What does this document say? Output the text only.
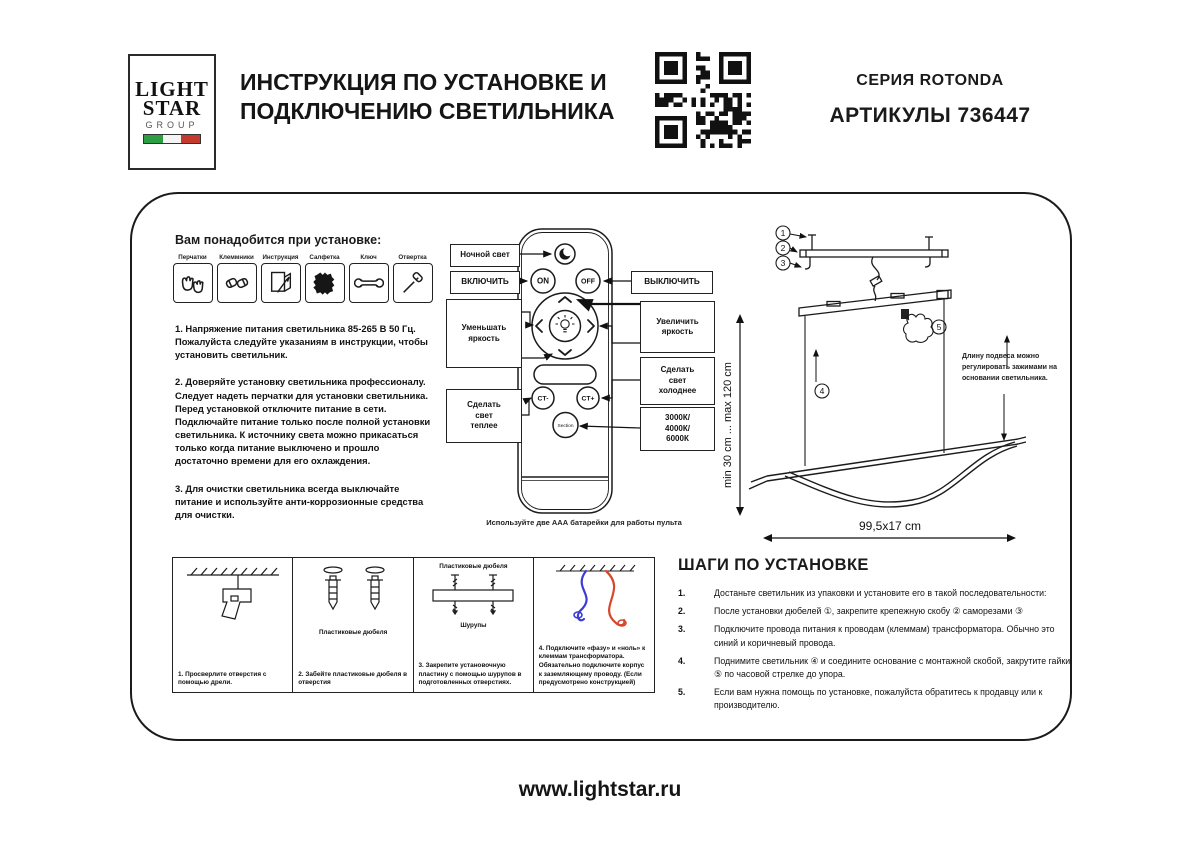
LIGHT
STAR
GROUP
ИНСТРУКЦИЯ ПО УСТАНОВКЕ И
ПОДКЛЮЧЕНИЮ СВЕТИЛЬНИКА
СЕРИЯ ROTONDA
АРТИКУЛЫ 736447
Вам понадобится при установке:
Перчатки Клеммники Инструкция Салфетка	Ключ	Отвертка

1. Напряжение питания светильника 85-265 В 50 Гц. Пожалуйста следуйте указаниям в инструкции, чтобы установить светильник.

2. Доверяйте установку светильника профессионалу. Следует надеть перчатки для установки светильника. Перед установкой отключите питание в сети. Подключайте питание только после полной установки светильника. К источнику света можно прикасаться только когда питание выключено и прошло достаточно времени для его охлаждения.

3. Для очистки светильника всегда выключайте питание и используйте анти-коррозионные средства для очистки.

ON	OFF
CT-	CT+
Section
Ночной свет
ВКЛЮЧИТЬ
Уменьшать яркость
Сделать свет теплее
ВЫКЛЮЧИТЬ
Увеличить яркость
Сделать свет холоднее
3000К/ 4000К/ 6000К
Используйте две ААА батарейки для работы пульта
1
2
3
4
5
min 30 cm ... max 120 cm
99,5x17 cm
Длину подвеса можно регулировать зажимами на основании светильника.
1. Просверлите отверстия с помощью дрели.
Пластиковые дюбеля
2. Забейте пластиковые дюбеля в отверстия
Пластиковые дюбеля
Шурупы
3. Закрепите установочную пластину с помощью шурупов в подготовленных отверстиях.
4. Подключите «фазу» и «ноль» к клеммам трансформатора. Обязательно подключите корпус к заземляющему проводу. (Если предусмотрено конструкцией)
ШАГИ ПО УСТАНОВКЕ
1.	Достаньте светильник из упаковки и установите его в такой последовательности:
2.	После установки дюбелей ①, закрепите крепежную скобу ② саморезами ③
3.	Подключите провода питания к проводам (клеммам) трансформатора. Обычно это синий и коричневый провода.
4.	Поднимите светильник ④ и соедините основание с монтажной скобой, закрутите гайки ⑤ по часовой стрелке до упора.
5.	Если вам нужна помощь по установке, пожалуйста обратитесь к продавцу или к производителю.
www.lightstar.ru
